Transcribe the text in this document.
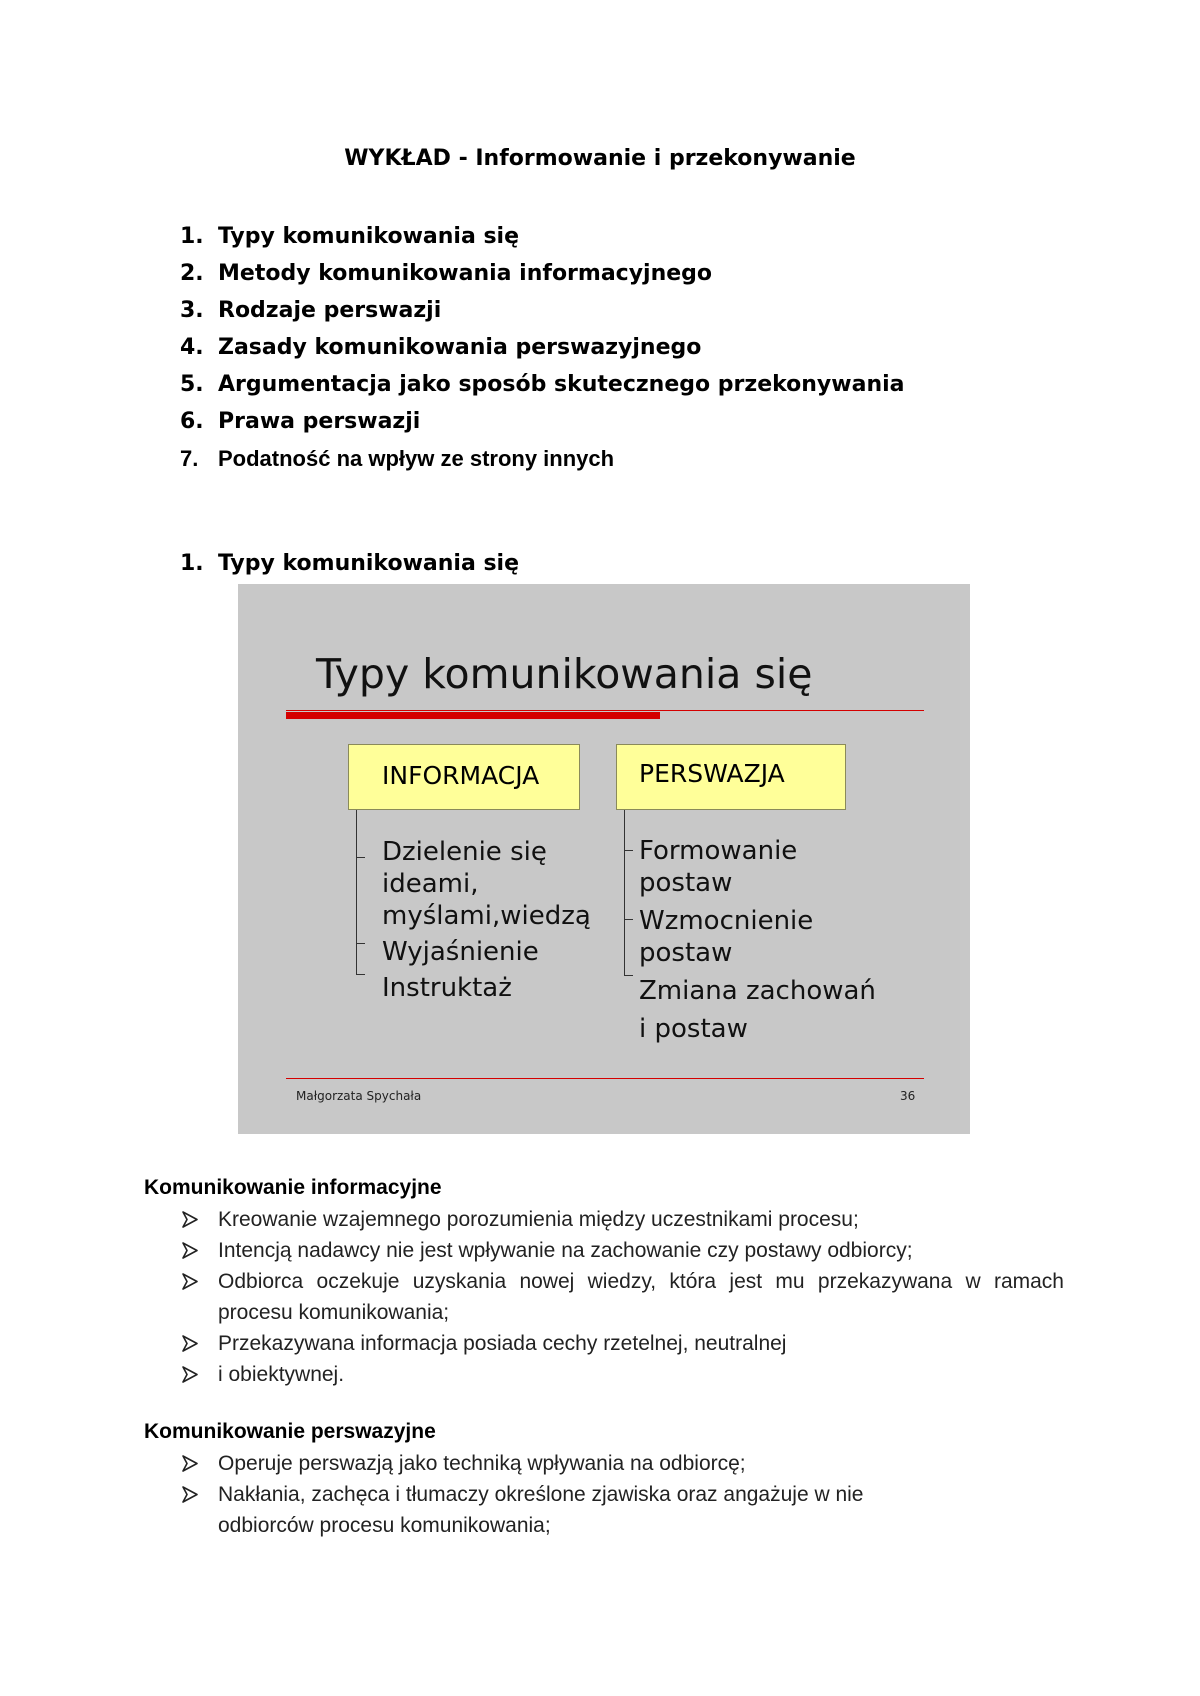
WYKŁAD - Informowanie i przekonywanie
1. Typy komunikowania się
2. Metody komunikowania informacyjnego
3. Rodzaje perswazji
4. Zasady komunikowania perswazyjnego
5. Argumentacja jako sposób skutecznego przekonywania
6. Prawa perswazji
7. Podatność na wpływ ze strony innych
1. Typy komunikowania się
Typy komunikowania się
INFORMACJA	PERSWAZJA
Dzielenie się
ideami,
myślami,wiedzą
Wyjaśnienie
Instruktaż
Formowanie
postaw
Wzmocnienie
postaw
Zmiana zachowań
i postaw
Małgorzata Spychała	36
Komunikowanie informacyjne
Kreowanie wzajemnego porozumienia między uczestnikami procesu;
Intencją nadawcy nie jest wpływanie na zachowanie czy postawy odbiorcy;
Odbiorca oczekuje uzyskania nowej wiedzy, która jest mu przekazywana w ramach procesu komunikowania;
Przekazywana informacja posiada cechy rzetelnej, neutralnej
i obiektywnej.
Komunikowanie perswazyjne
Operuje perswazją jako techniką wpływania na odbiorcę;
Nakłania, zachęca i tłumaczy określone zjawiska oraz angażuje w nie odbiorców procesu komunikowania;
